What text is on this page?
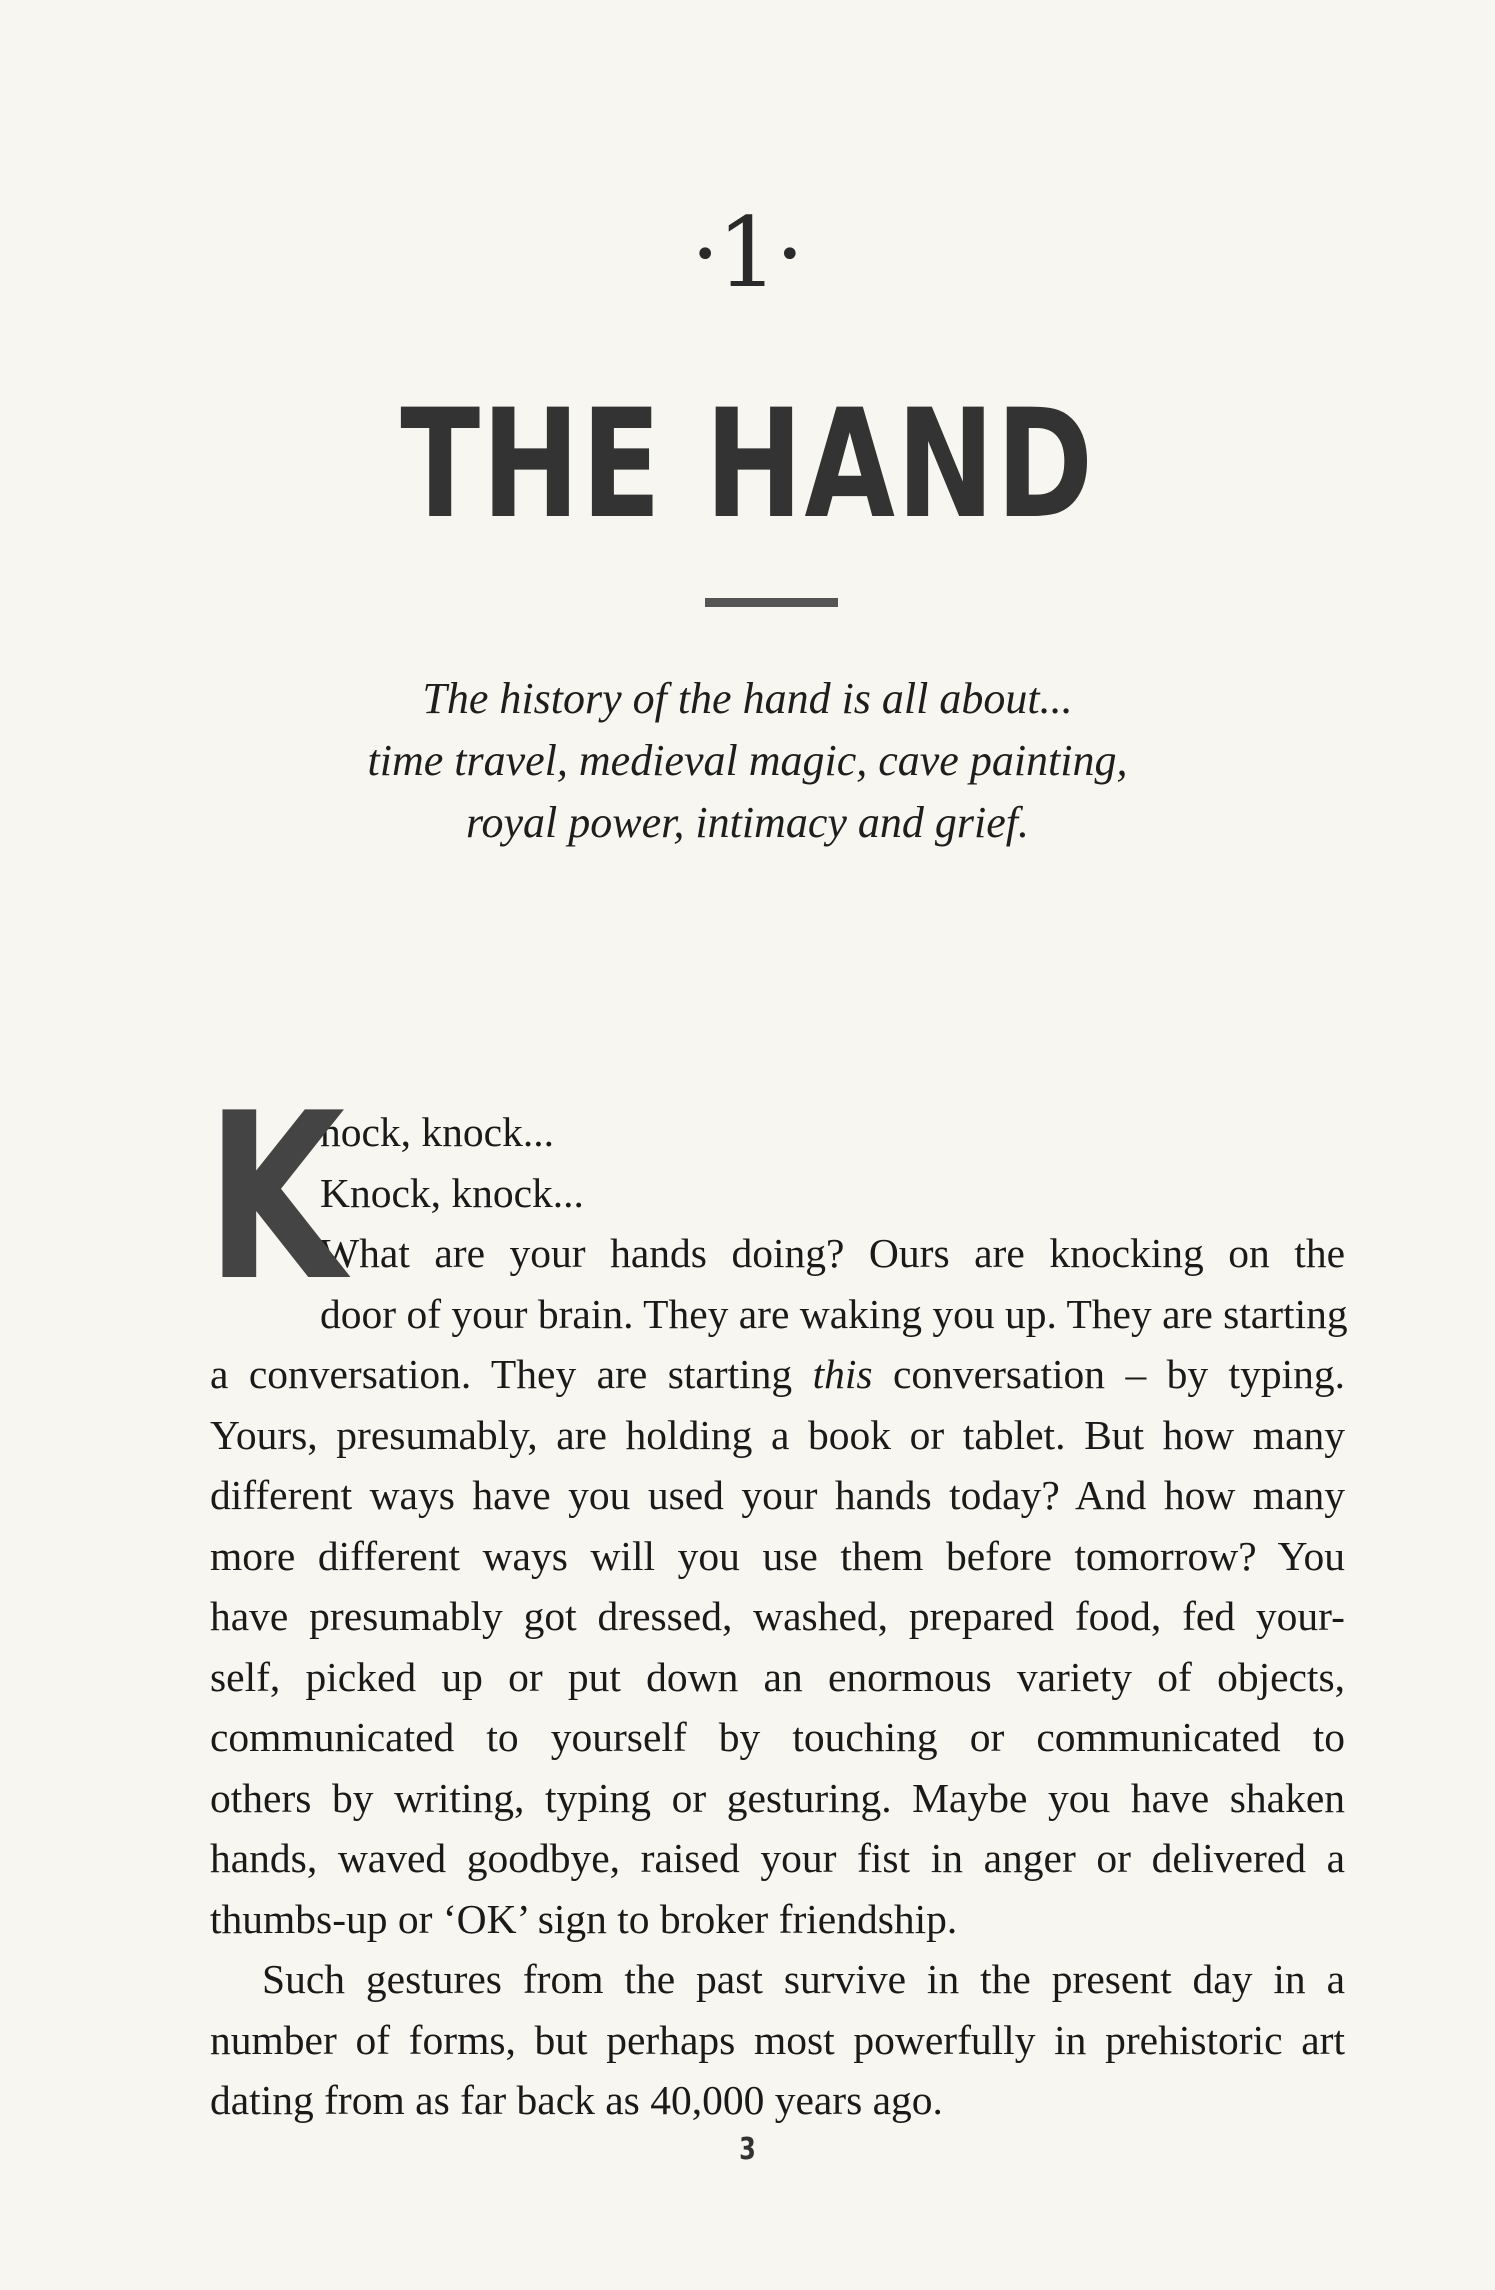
•1•
THE HAND
The history of the hand is all about...
time travel, medieval magic, cave painting,
royal power, intimacy and grief.
K
nock, knock...
Knock, knock...
What are your hands doing? Ours are knocking on the
door of your brain. They are waking you up. They are starting
a conversation. They are starting this conversation – by typing.
Yours, presumably, are holding a book or tablet. But how many
different ways have you used your hands today? And how many
more different ways will you use them before tomorrow? You
have presumably got dressed, washed, prepared food, fed your-
self, picked up or put down an enormous variety of objects,
communicated to yourself by touching or communicated to
others by writing, typing or gesturing. Maybe you have shaken
hands, waved goodbye, raised your fist in anger or delivered a
thumbs-up or ‘OK’ sign to broker friendship.
Such gestures from the past survive in the present day in a
number of forms, but perhaps most powerfully in prehistoric art
dating from as far back as 40,000 years ago.
3
